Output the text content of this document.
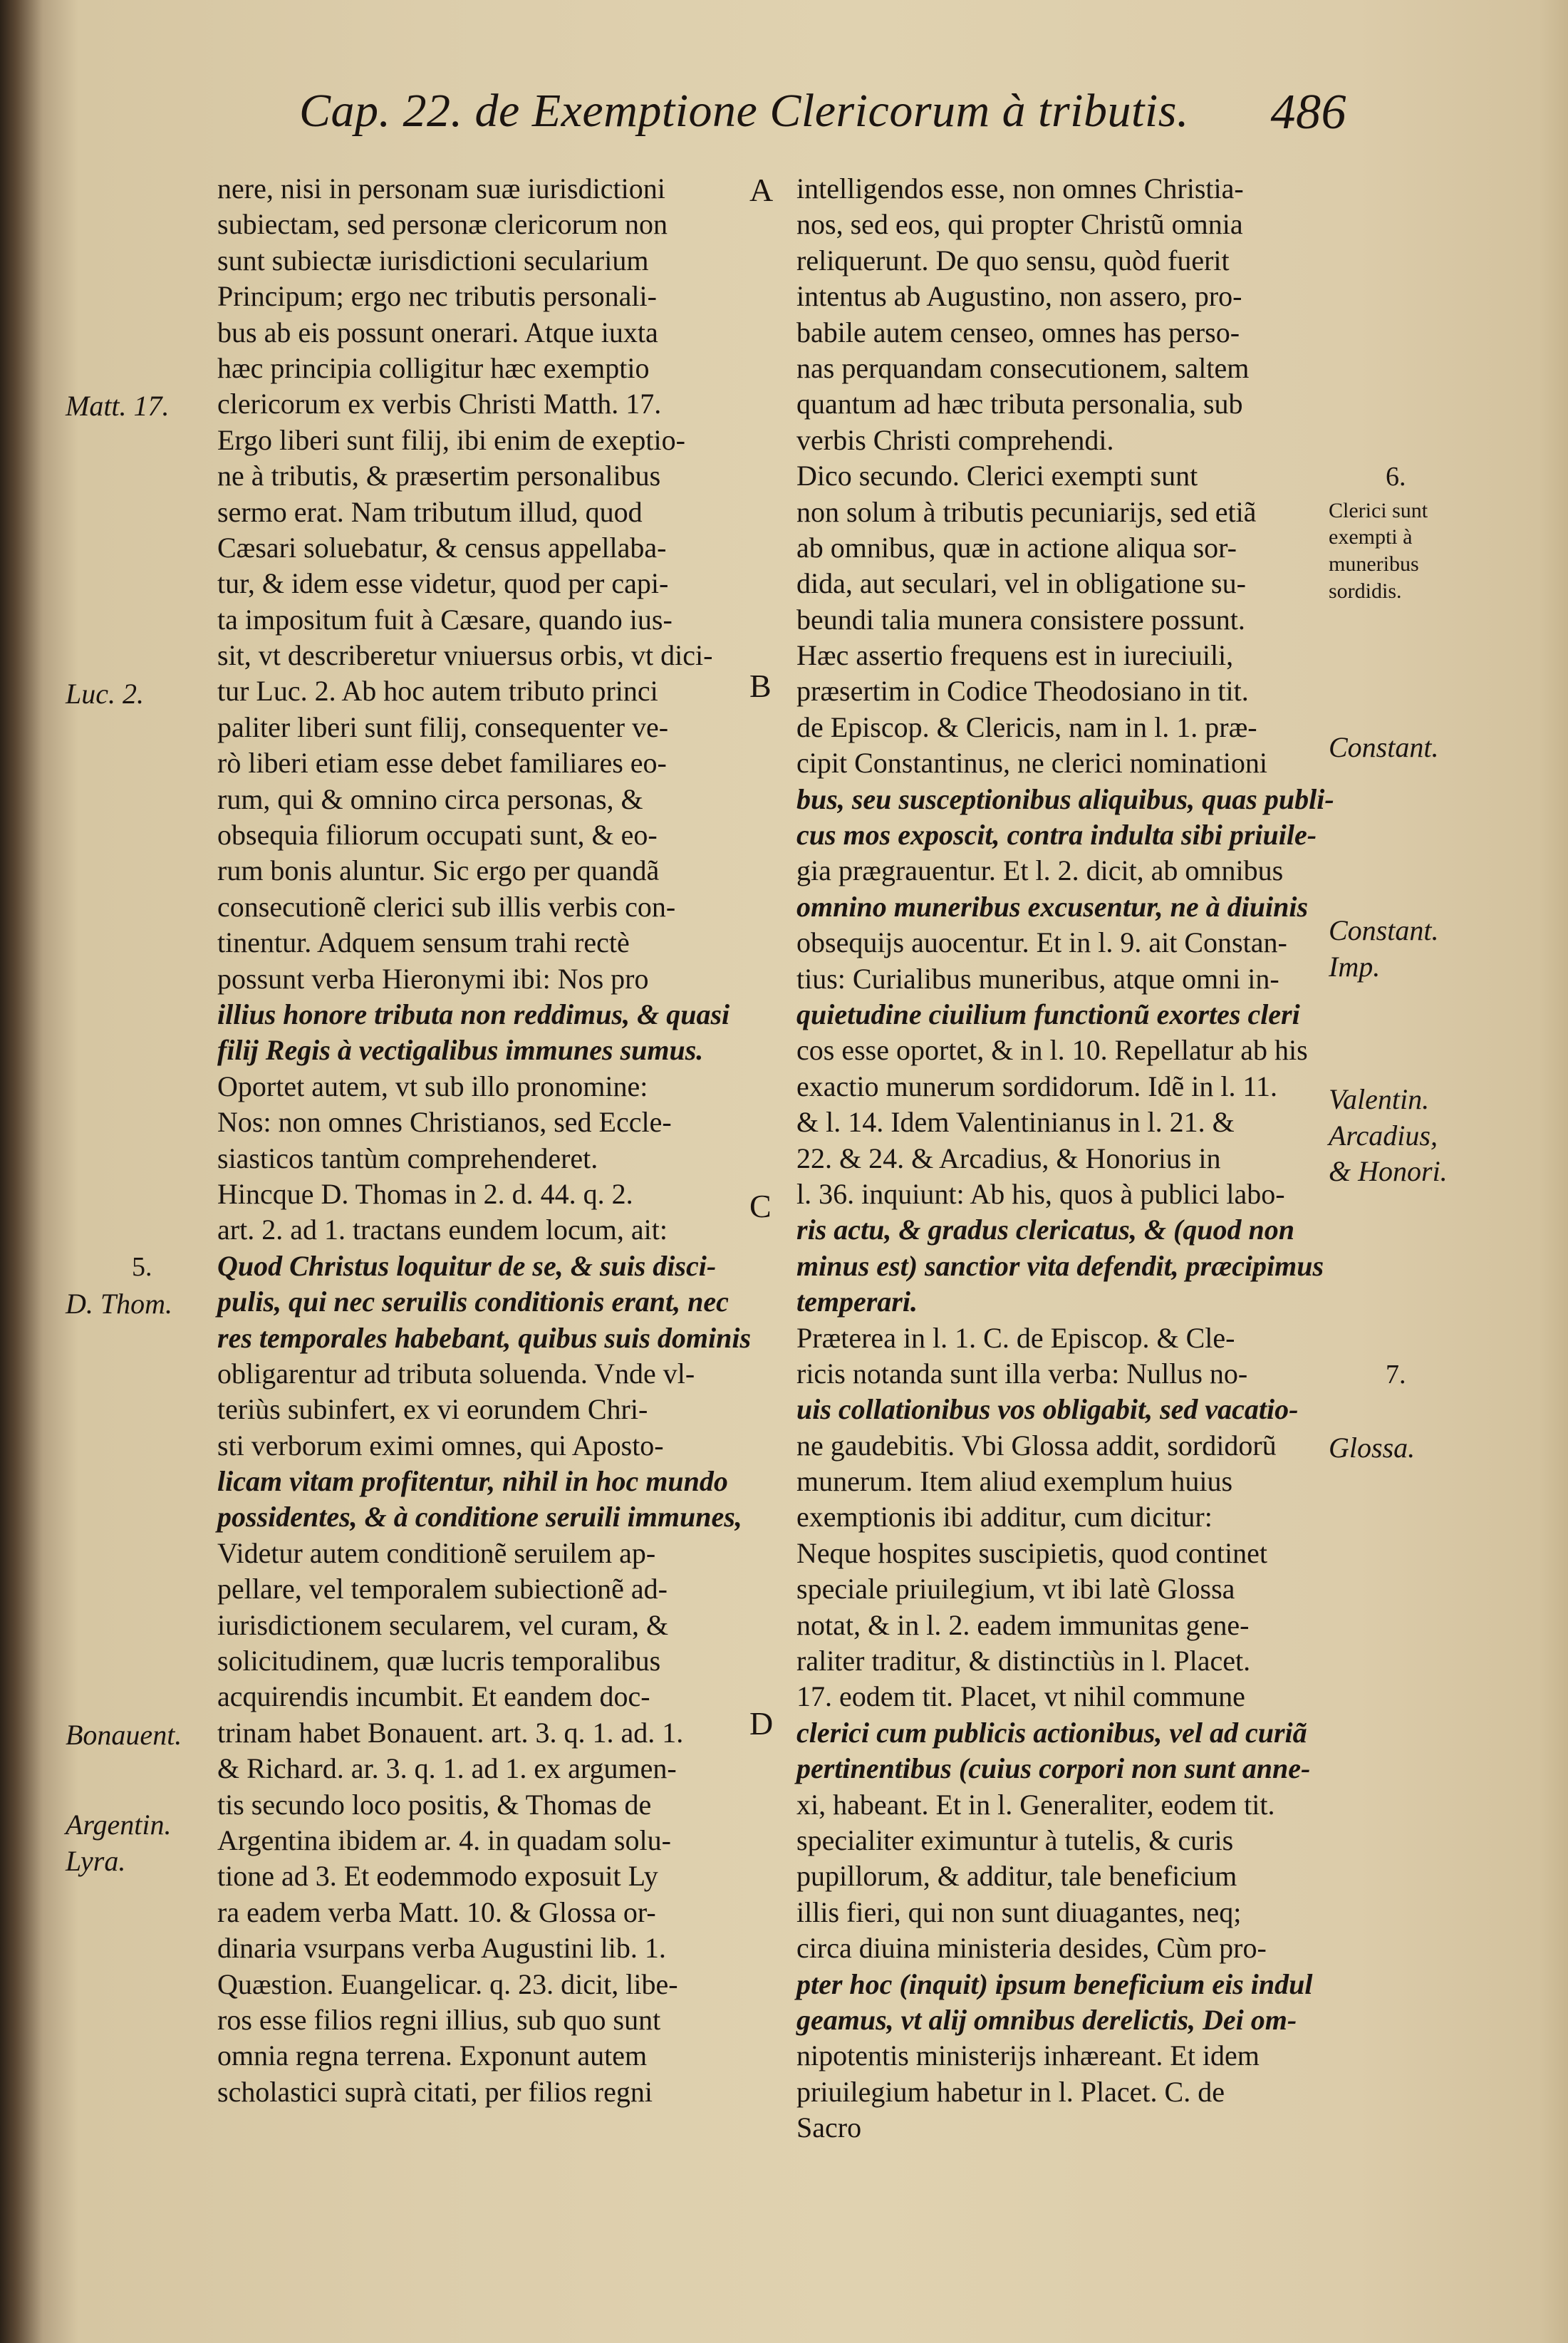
Cap. 22. de Exemptione Clericorum à tributis. 486
nere, nisi in personam suæ iurisdictioni
subiectam, sed personæ clericorum non
sunt subiectæ iurisdictioni secularium
Principum; ergo nec tributis personali-
bus ab eis possunt onerari. Atque iuxta
hæc principia colligitur hæc exemptio
clericorum ex verbis Christi Matth. 17.
Ergo liberi sunt filij, ibi enim de exeptio-
ne à tributis, & præsertim personalibus
sermo erat. Nam tributum illud, quod
Cæsari soluebatur, & census appellaba-
tur, & idem esse videtur, quod per capi-
ta impositum fuit à Cæsare, quando ius-
sit, vt describeretur vniuersus orbis, vt dici-
tur Luc. 2. Ab hoc autem tributo princi
paliter liberi sunt filij, consequenter ve-
rò liberi etiam esse debet familiares eo-
rum, qui & omnino circa personas, &
obsequia filiorum occupati sunt, & eo-
rum bonis aluntur. Sic ergo per quandã
consecutionẽ clerici sub illis verbis con-
tinentur. Adquem sensum trahi rectè
possunt verba Hieronymi ibi: Nos pro
illius honore tributa non reddimus, & quasi
filij Regis à vectigalibus immunes sumus.
Oportet autem, vt sub illo pronomine:
Nos: non omnes Christianos, sed Eccle-
siasticos tantùm comprehenderet.
Hincque D. Thomas in 2. d. 44. q. 2.
art. 2. ad 1. tractans eundem locum, ait:
Quod Christus loquitur de se, & suis disci-
pulis, qui nec seruilis conditionis erant, nec
res temporales habebant, quibus suis dominis
obligarentur ad tributa soluenda. Vnde vl-
teriùs subinfert, ex vi eorundem Chri-
sti verborum eximi omnes, qui Aposto-
licam vitam profitentur, nihil in hoc mundo
possidentes, & à conditione seruili immunes,
Videtur autem conditionẽ seruilem ap-
pellare, vel temporalem subiectionẽ ad-
iurisdictionem secularem, vel curam, &
solicitudinem, quæ lucris temporalibus
acquirendis incumbit. Et eandem doc-
trinam habet Bonauent. art. 3. q. 1. ad. 1.
& Richard. ar. 3. q. 1. ad 1. ex argumen-
tis secundo loco positis, & Thomas de
Argentina ibidem ar. 4. in quadam solu-
tione ad 3. Et eodemmodo exposuit Ly
ra eadem verba Matt. 10. & Glossa or-
dinaria vsurpans verba Augustini lib. 1.
Quæstion. Euangelicar. q. 23. dicit, libe-
ros esse filios regni illius, sub quo sunt
omnia regna terrena. Exponunt autem
scholastici suprà citati, per filios regni
intelligendos esse, non omnes Christia-
nos, sed eos, qui propter Christũ omnia
reliquerunt. De quo sensu, quòd fuerit
intentus ab Augustino, non assero, pro-
babile autem censeo, omnes has perso-
nas perquandam consecutionem, saltem
quantum ad hæc tributa personalia, sub
verbis Christi comprehendi.
Dico secundo. Clerici exempti sunt
non solum à tributis pecuniarijs, sed etiã
ab omnibus, quæ in actione aliqua sor-
dida, aut seculari, vel in obligatione su-
beundi talia munera consistere possunt.
Hæc assertio frequens est in iureciuili,
præsertim in Codice Theodosiano in tit.
de Episcop. & Clericis, nam in l. 1. præ-
cipit Constantinus, ne clerici nominationi
bus, seu susceptionibus aliquibus, quas publi-
cus mos exposcit, contra indulta sibi priuile-
gia prægrauentur. Et l. 2. dicit, ab omnibus
omnino muneribus excusentur, ne à diuinis
obsequijs auocentur. Et in l. 9. ait Constan-
tius: Curialibus muneribus, atque omni in-
quietudine ciuilium functionũ exortes cleri
cos esse oportet, & in l. 10. Repellatur ab his
exactio munerum sordidorum. Idẽ in l. 11.
& l. 14. Idem Valentinianus in l. 21. &
22. & 24. & Arcadius, & Honorius in
l. 36. inquiunt: Ab his, quos à publici labo-
ris actu, & gradus clericatus, & (quod non
minus est) sanctior vita defendit, præcipimus
temperari.
Præterea in l. 1. C. de Episcop. & Cle-
ricis notanda sunt illa verba: Nullus no-
uis collationibus vos obligabit, sed vacatio-
ne gaudebitis. Vbi Glossa addit, sordidorũ
munerum. Item aliud exemplum huius
exemptionis ibi additur, cum dicitur:
Neque hospites suscipietis, quod continet
speciale priuilegium, vt ibi latè Glossa
notat, & in l. 2. eadem immunitas gene-
raliter traditur, & distinctiùs in l. Placet.
17. eodem tit. Placet, vt nihil commune
clerici cum publicis actionibus, vel ad curiã
pertinentibus (cuius corpori non sunt anne-
xi, habeant. Et in l. Generaliter, eodem tit.
specialiter eximuntur à tutelis, & curis
pupillorum, & additur, tale beneficium
illis fieri, qui non sunt diuagantes, neq;
circa diuina ministeria desides, Cùm pro-
pter hoc (inquit) ipsum beneficium eis indul
geamus, vt alij omnibus derelictis, Dei om-
nipotentis ministerijs inhæreant. Et idem
priuilegium habetur in l. Placet. C. de
Sacro
Matt. 17.
Luc. 2.
5.
D. Thom.
Bonauent.
Argentin.
Lyra.
6.
Clerici sunt
exempti à
muneribus
sordidis.
Constant.
Constant.
Imp.
Valentin.
Arcadius,
& Honori.
7.
Glossa.
A
B
C
D
